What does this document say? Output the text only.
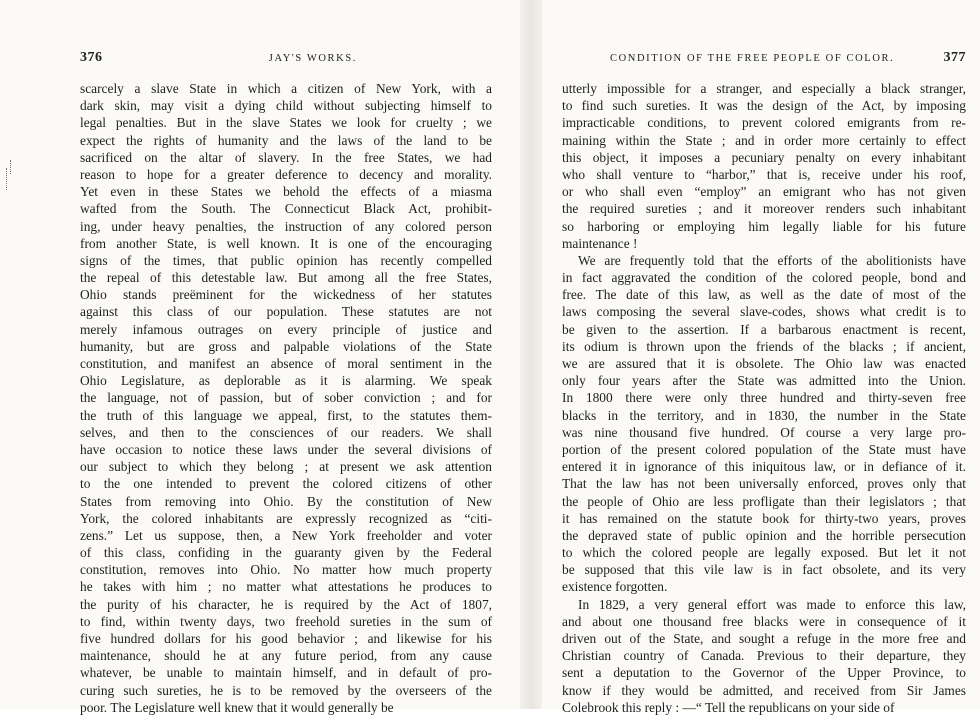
376	JAY'S WORKS.	CONDITION OF THE FREE PEOPLE OF COLOR.	377
scarcely a slave State in which a citizen of New York, with a
dark skin, may visit a dying child without subjecting himself to
legal penalties. But in the slave States we look for cruelty ; we
expect the rights of humanity and the laws of the land to be
sacrificed on the altar of slavery. In the free States, we had
reason to hope for a greater deference to decency and morality.
Yet even in these States we behold the effects of a miasma
wafted from the South. The Connecticut Black Act, prohibit-
ing, under heavy penalties, the instruction of any colored person
from another State, is well known. It is one of the encouraging
signs of the times, that public opinion has recently compelled
the repeal of this detestable law. But among all the free States,
Ohio stands preëminent for the wickedness of her statutes
against this class of our population. These statutes are not
merely infamous outrages on every principle of justice and
humanity, but are gross and palpable violations of the State
constitution, and manifest an absence of moral sentiment in the
Ohio Legislature, as deplorable as it is alarming. We speak
the language, not of passion, but of sober conviction ; and for
the truth of this language we appeal, first, to the statutes them-
selves, and then to the consciences of our readers. We shall
have occasion to notice these laws under the several divisions of
our subject to which they belong ; at present we ask attention
to the one intended to prevent the colored citizens of other
States from removing into Ohio. By the constitution of New
York, the colored inhabitants are expressly recognized as “citi-
zens.” Let us suppose, then, a New York freeholder and voter
of this class, confiding in the guaranty given by the Federal
constitution, removes into Ohio. No matter how much property
he takes with him ; no matter what attestations he produces to
the purity of his character, he is required by the Act of 1807,
to find, within twenty days, two freehold sureties in the sum of
five hundred dollars for his good behavior ; and likewise for his
maintenance, should he at any future period, from any cause
whatever, be unable to maintain himself, and in default of pro-
curing such sureties, he is to be removed by the overseers of the
poor. The Legislature well knew that it would generally be
utterly impossible for a stranger, and especially a black stranger,
to find such sureties. It was the design of the Act, by imposing
impracticable conditions, to prevent colored emigrants from re-
maining within the State ; and in order more certainly to effect
this object, it imposes a pecuniary penalty on every inhabitant
who shall venture to “harbor,” that is, receive under his roof,
or who shall even “employ” an emigrant who has not given
the required sureties ; and it moreover renders such inhabitant
so harboring or employing him legally liable for his future
maintenance !
We are frequently told that the efforts of the abolitionists have
in fact aggravated the condition of the colored people, bond and
free. The date of this law, as well as the date of most of the
laws composing the several slave-codes, shows what credit is to
be given to the assertion. If a barbarous enactment is recent,
its odium is thrown upon the friends of the blacks ; if ancient,
we are assured that it is obsolete. The Ohio law was enacted
only four years after the State was admitted into the Union.
In 1800 there were only three hundred and thirty-seven free
blacks in the territory, and in 1830, the number in the State
was nine thousand five hundred. Of course a very large pro-
portion of the present colored population of the State must have
entered it in ignorance of this iniquitous law, or in defiance of it.
That the law has not been universally enforced, proves only that
the people of Ohio are less profligate than their legislators ; that
it has remained on the statute book for thirty-two years, proves
the depraved state of public opinion and the horrible persecution
to which the colored people are legally exposed. But let it not
be supposed that this vile law is in fact obsolete, and its very
existence forgotten.
In 1829, a very general effort was made to enforce this law,
and about one thousand free blacks were in consequence of it
driven out of the State, and sought a refuge in the more free and
Christian country of Canada. Previous to their departure, they
sent a deputation to the Governor of the Upper Province, to
know if they would be admitted, and received from Sir James
Colebrook this reply : —“ Tell the republicans on your side of
